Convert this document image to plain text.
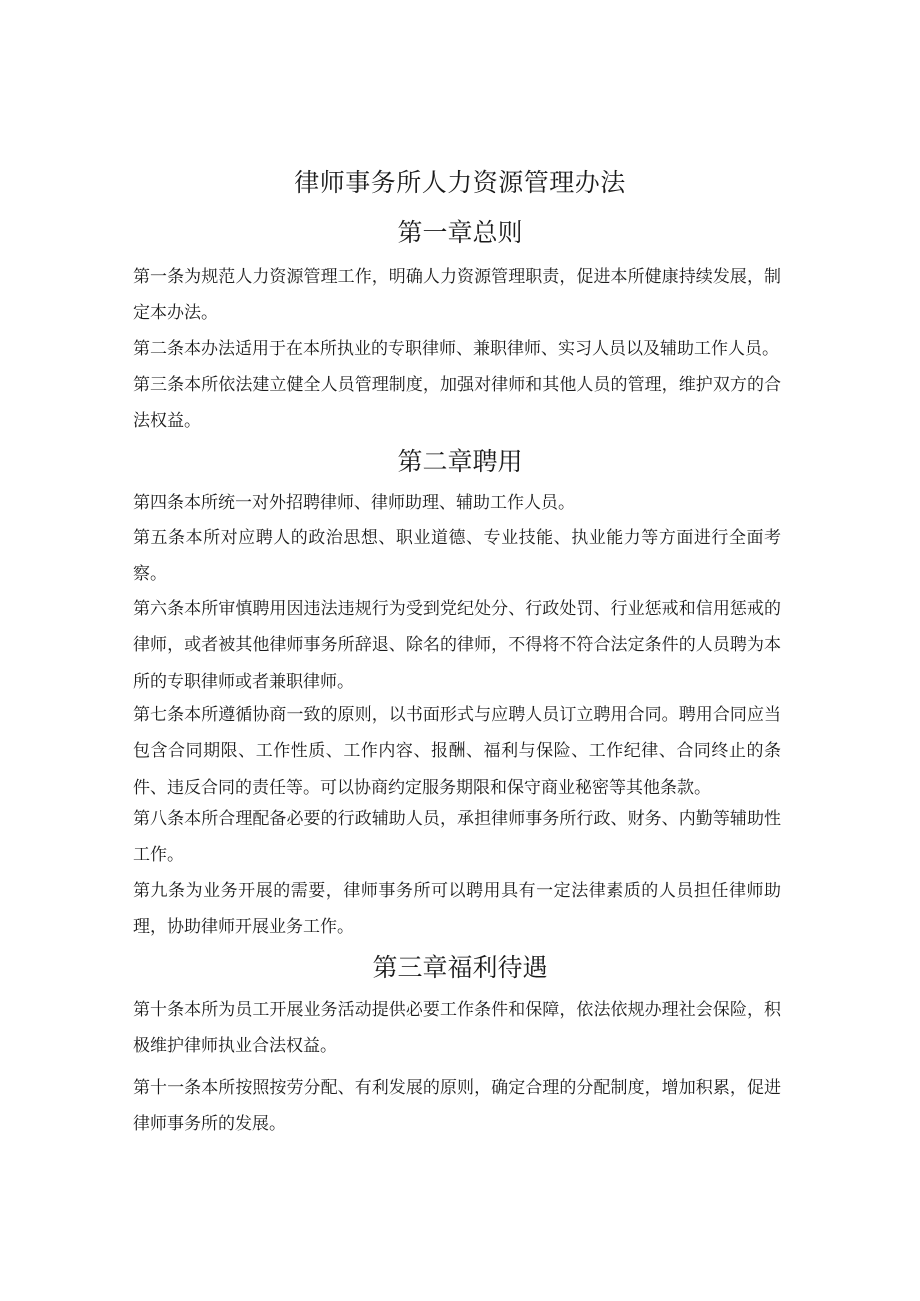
律师事务所人力资源管理办法
第一章总则
第一条为规范人力资源管理工作，明确人力资源管理职责，促进本所健康持续发展，制定本办法。
第二条本办法适用于在本所执业的专职律师、兼职律师、实习人员以及辅助工作人员。
第三条本所依法建立健全人员管理制度，加强对律师和其他人员的管理，维护双方的合法权益。
第二章聘用
第四条本所统一对外招聘律师、律师助理、辅助工作人员。
第五条本所对应聘人的政治思想、职业道德、专业技能、执业能力等方面进行全面考察。
第六条本所审慎聘用因违法违规行为受到党纪处分、行政处罚、行业惩戒和信用惩戒的律师，或者被其他律师事务所辞退、除名的律师，不得将不符合法定条件的人员聘为本所的专职律师或者兼职律师。
第七条本所遵循协商一致的原则，以书面形式与应聘人员订立聘用合同。聘用合同应当包含合同期限、工作性质、工作内容、报酬、福利与保险、工作纪律、合同终止的条件、违反合同的责任等。可以协商约定服务期限和保守商业秘密等其他条款。
第八条本所合理配备必要的行政辅助人员，承担律师事务所行政、财务、内勤等辅助性工作。
第九条为业务开展的需要，律师事务所可以聘用具有一定法律素质的人员担任律师助理，协助律师开展业务工作。
第三章福利待遇
第十条本所为员工开展业务活动提供必要工作条件和保障，依法依规办理社会保险，积极维护律师执业合法权益。
第十一条本所按照按劳分配、有利发展的原则，确定合理的分配制度，增加积累，促进律师事务所的发展。
